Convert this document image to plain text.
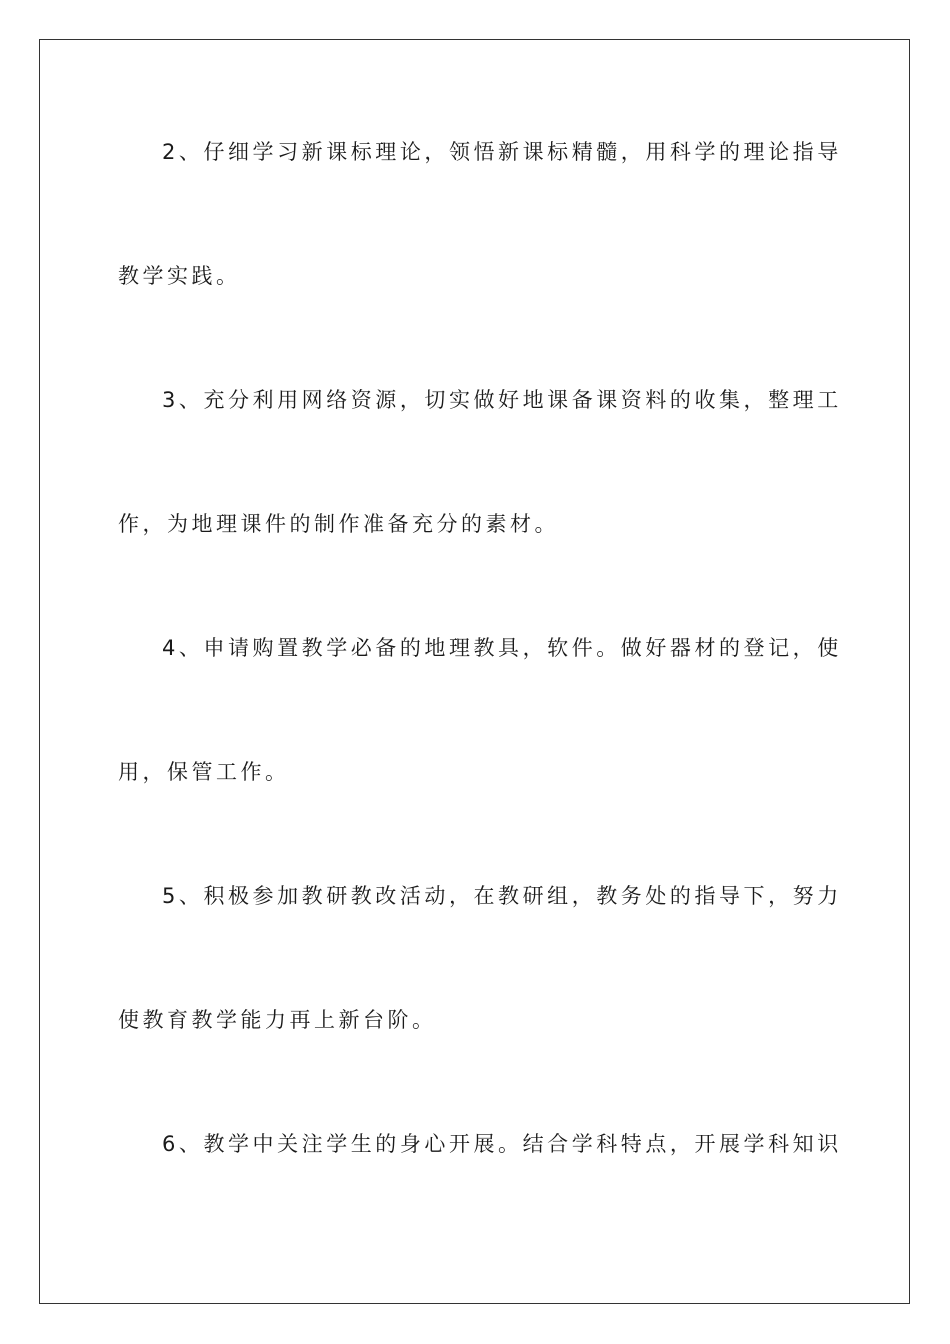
2、仔细学习新课标理论，领悟新课标精髓，用科学的理论指导

教学实践。

3、充分利用网络资源，切实做好地课备课资料的收集，整理工

作，为地理课件的制作准备充分的素材。

4、申请购置教学必备的地理教具，软件。做好器材的登记，使

用，保管工作。

5、积极参加教研教改活动，在教研组，教务处的指导下，努力

使教育教学能力再上新台阶。

6、教学中关注学生的身心开展。结合学科特点，开展学科知识
